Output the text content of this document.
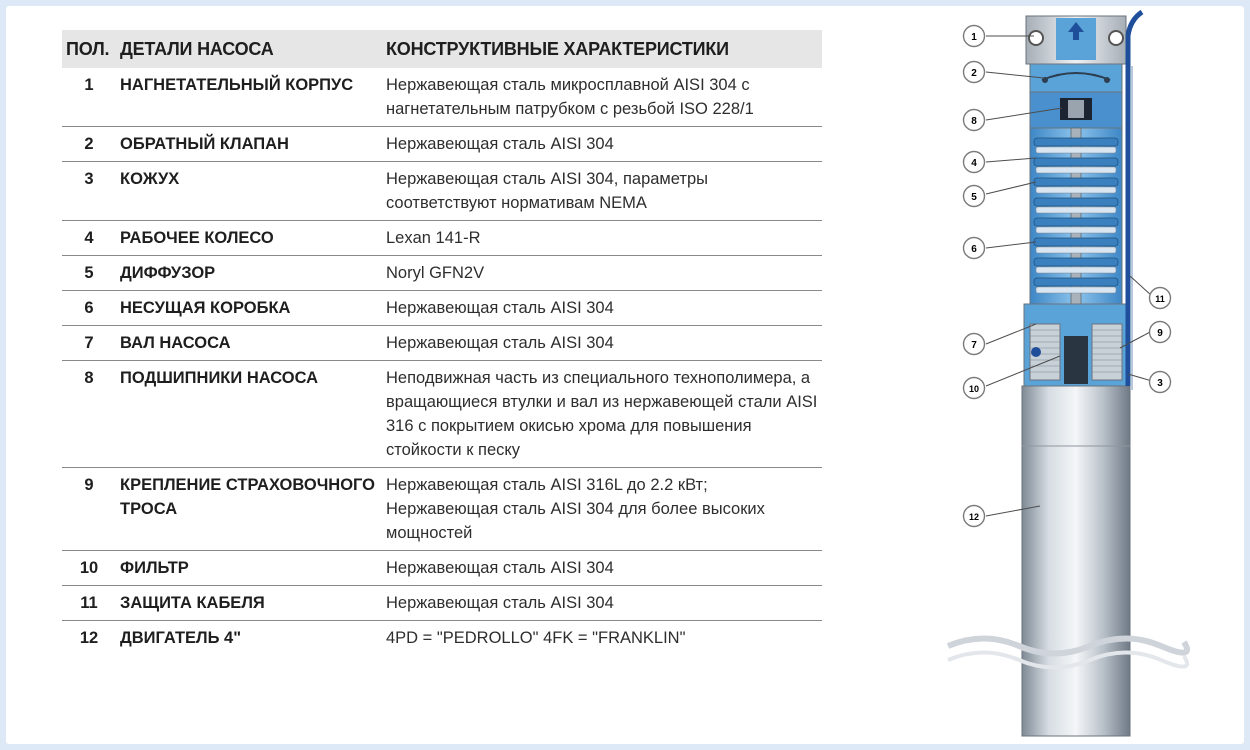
ПОЛ.	ДЕТАЛИ НАСОСА	КОНСТРУКТИВНЫЕ ХАРАКТЕРИСТИКИ
1	НАГНЕТАТЕЛЬНЫЙ КОРПУС	Нержавеющая сталь микросплавной AISI 304 с нагнетательным патрубком с резьбой ISO 228/1
2	ОБРАТНЫЙ КЛАПАН	Нержавеющая сталь AISI 304
3	КОЖУХ	Нержавеющая сталь AISI 304, параметры соответствуют нормативам NEMA
4	РАБОЧЕЕ КОЛЕСО	Lexan 141-R
5	ДИФФУЗОР	Noryl GFN2V
6	НЕСУЩАЯ КОРОБКА	Нержавеющая сталь AISI 304
7	ВАЛ НАСОСА	Нержавеющая сталь AISI 304
8	ПОДШИПНИКИ НАСОСА	Неподвижная часть из специального технополимера, а вращающиеся втулки и вал из нержавеющей стали AISI 316 с покрытием окисью хрома для повышения стойкости к песку
9	КРЕПЛЕНИЕ СТРАХОВОЧНОГО ТРОСА	Нержавеющая сталь AISI 316L до 2.2 кВт; Нержавеющая сталь AISI 304 для более высоких мощностей
10	ФИЛЬТР	Нержавеющая сталь AISI 304
11	ЗАЩИТА КАБЕЛЯ	Нержавеющая сталь AISI 304
12	ДВИГАТЕЛЬ 4"	4PD = "PEDROLLO" 4FK = "FRANKLIN"
1
2
8
4
5
6
7
10
11
9
3
12
